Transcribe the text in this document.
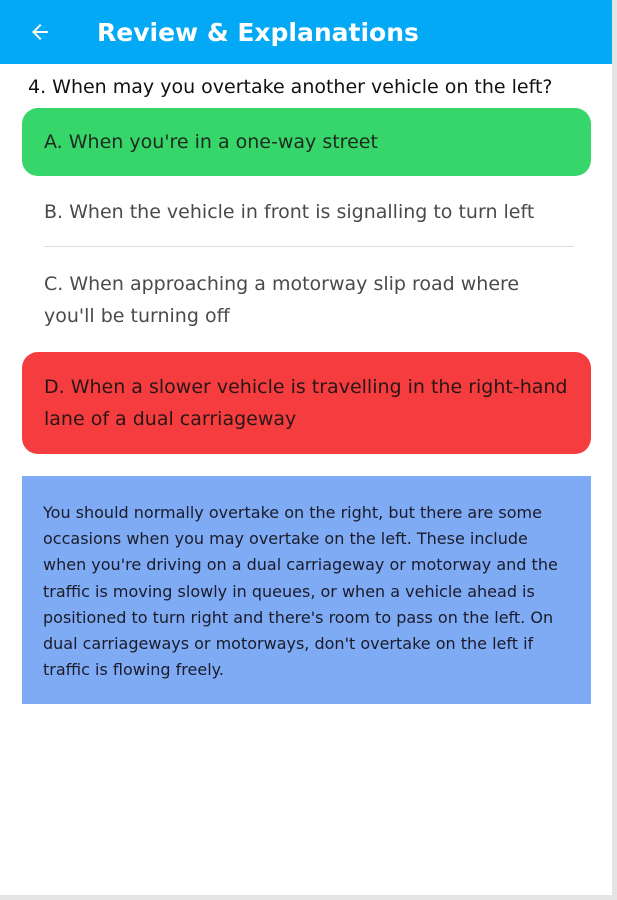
Review & Explanations
4. When may you overtake another vehicle on the left?
A. When you're in a one-way street
B. When the vehicle in front is signalling to turn left
C. When approaching a motorway slip road where you'll be turning off
D. When a slower vehicle is travelling in the right-hand lane of a dual carriageway
You should normally overtake on the right, but there are some occasions when you may overtake on the left. These include when you're driving on a dual carriageway or motorway and the traffic is moving slowly in queues, or when a vehicle ahead is positioned to turn right and there's room to pass on the left. On dual carriageways or motorways, don't overtake on the left if traffic is flowing freely.
